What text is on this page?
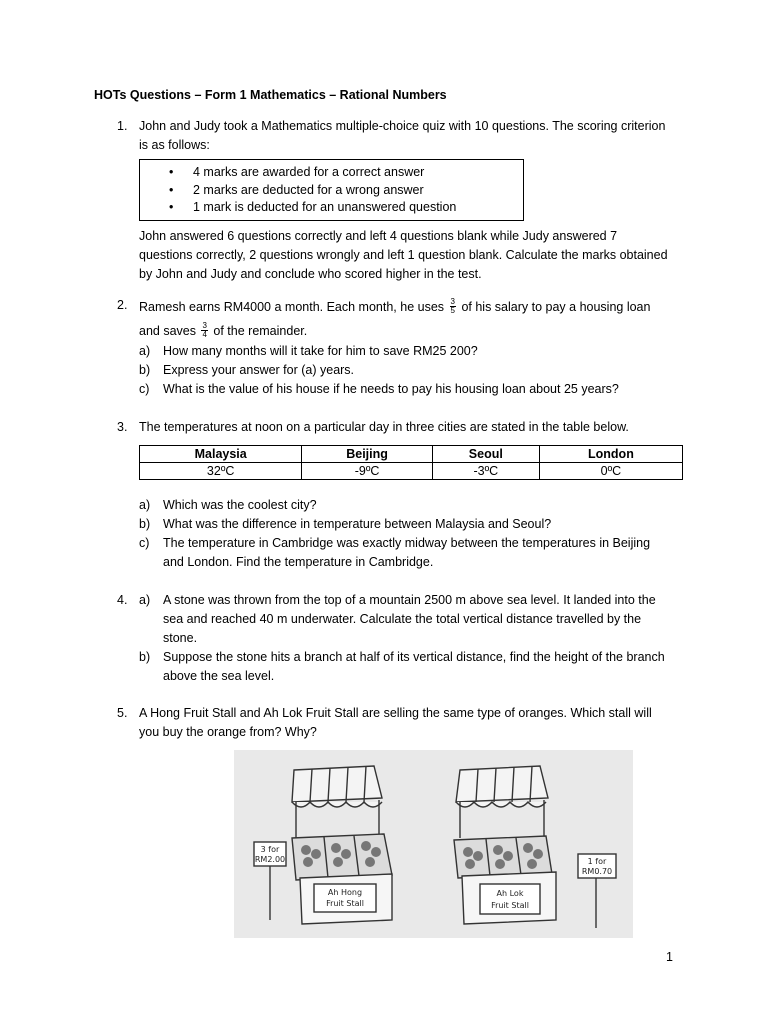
HOTs Questions – Form 1 Mathematics – Rational Numbers
1. John and Judy took a Mathematics multiple-choice quiz with 10 questions. The scoring criterion is as follows:
• 4 marks are awarded for a correct answer
• 2 marks are deducted for a wrong answer
• 1 mark is deducted for an unanswered question
John answered 6 questions correctly and left 4 questions blank while Judy answered 7 questions correctly, 2 questions wrongly and left 1 question blank. Calculate the marks obtained by John and Judy and conclude who scored higher in the test.
2. Ramesh earns RM4000 a month. Each month, he uses $\frac{3}{5}$ of his salary to pay a housing loan
and saves $\frac{3}{4}$ of the remainder.
a) How many months will it take for him to save RM25 200?
b) Express your answer for (a) years.
c) What is the value of his house if he needs to pay his housing loan about 25 years?
3. The temperatures at noon on a particular day in three cities are stated in the table below.
Malaysia	Beijing	Seoul	London
32ºC	-9ºC	-3ºC	0ºC
a) Which was the coolest city?
b) What was the difference in temperature between Malaysia and Seoul?
c) The temperature in Cambridge was exactly midway between the temperatures in Beijing and London. Find the temperature in Cambridge.
4. a) A stone was thrown from the top of a mountain 2500 m above sea level. It landed into the sea and reached 40 m underwater. Calculate the total vertical distance travelled by the stone.
b) Suppose the stone hits a branch at half of its vertical distance, find the height of the branch above the sea level.
5. A Hong Fruit Stall and Ah Lok Fruit Stall are selling the same type of oranges. Which stall will you buy the orange from? Why?
3 for
RM2.00
Ah Hong
Fruit Stall
1 for
RM0.70
Ah Lok
Fruit Stall
1
